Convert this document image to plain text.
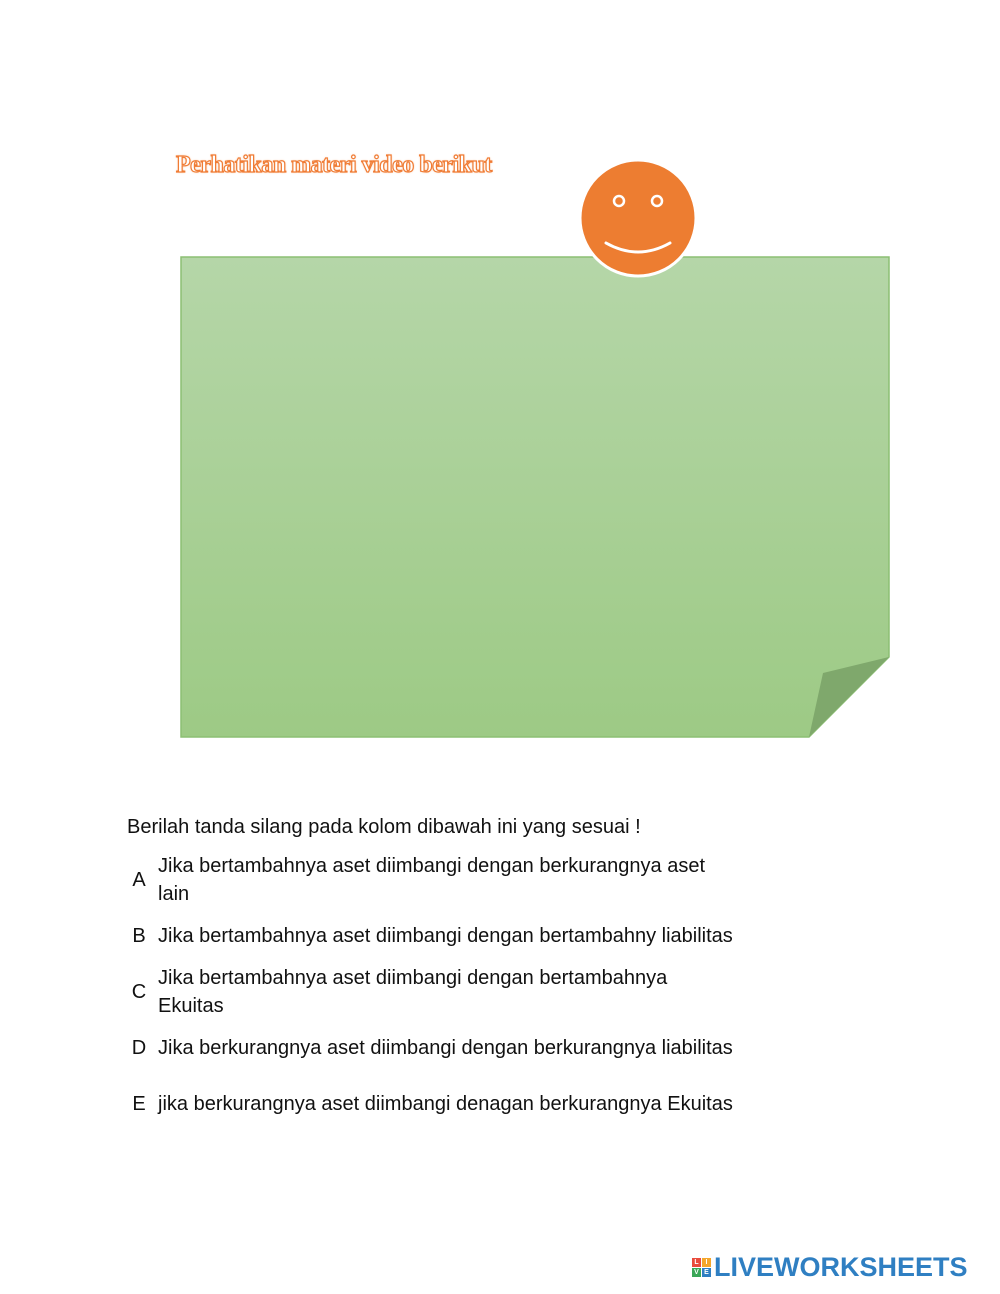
Perhatikan materi video berikut
Berilah tanda silang pada kolom dibawah ini yang sesuai !
A
Jika bertambahnya aset diimbangi dengan berkurangnya aset lain
B Jika bertambahnya aset diimbangi dengan bertambahny liabilitas
C
Jika bertambahnya aset diimbangi dengan bertambahnya Ekuitas
D Jika berkurangnya aset diimbangi dengan berkurangnya liabilitas
E jika berkurangnya aset diimbangi denagan berkurangnya Ekuitas
L I
V E LIVEWORKSHEETS
